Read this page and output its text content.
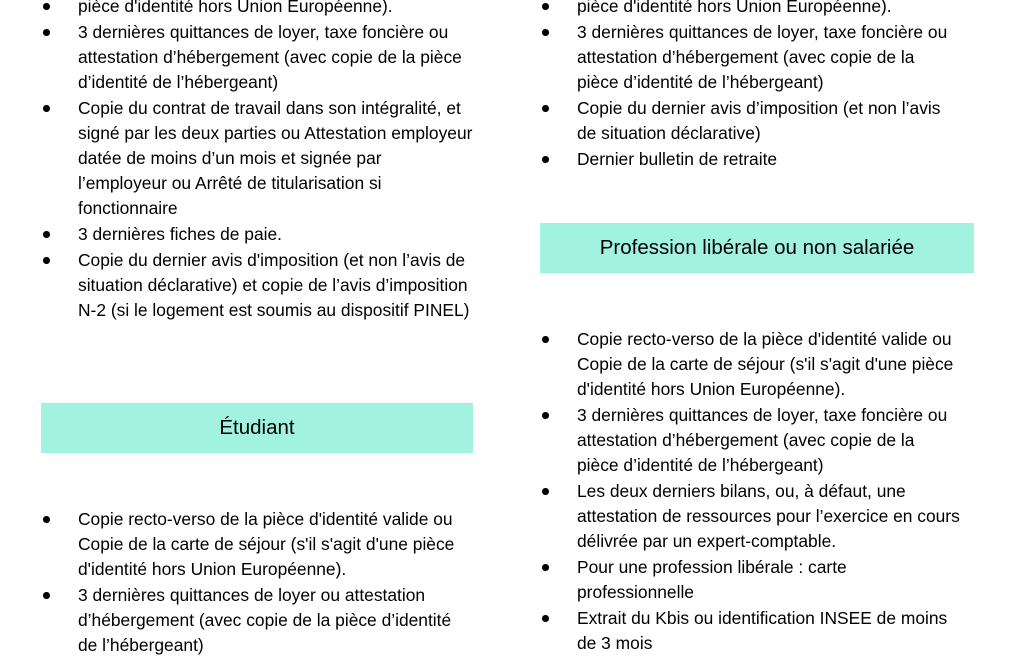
pièce d'identité hors Union Européenne).
3 dernières quittances de loyer, taxe foncière ou attestation d’hébergement (avec copie de la pièce d’identité de l’hébergeant)
Copie du contrat de travail dans son intégralité, et signé par les deux parties ou Attestation employeur datée de moins d’un mois et signée par l’employeur ou Arrêté de titularisation si fonctionnaire
3 dernières fiches de paie.
Copie du dernier avis d'imposition (et non l’avis de situation déclarative) et copie de l’avis d’imposition N-2 (si le logement est soumis au dispositif PINEL)
Étudiant
Copie recto-verso de la pièce d'identité valide ou Copie de la carte de séjour (s'il s'agit d'une pièce d'identité hors Union Européenne).
3 dernières quittances de loyer ou attestation d’hébergement (avec copie de la pièce d’identité de l’hébergeant)
pièce d'identité hors Union Européenne).
3 dernières quittances de loyer, taxe foncière ou attestation d’hébergement (avec copie de la pièce d’identité de l’hébergeant)
Copie du dernier avis d’imposition (et non l’avis de situation déclarative)
Dernier bulletin de retraite
Profession libérale ou non salariée
Copie recto-verso de la pièce d'identité valide ou Copie de la carte de séjour (s'il s'agit d'une pièce d'identité hors Union Européenne).
3 dernières quittances de loyer, taxe foncière ou attestation d’hébergement (avec copie de la pièce d’identité de l’hébergeant)
Les deux derniers bilans, ou, à défaut, une attestation de ressources pour l’exercice en cours délivrée par un expert-comptable.
Pour une profession libérale : carte professionnelle
Extrait du Kbis ou identification INSEE de moins de 3 mois
